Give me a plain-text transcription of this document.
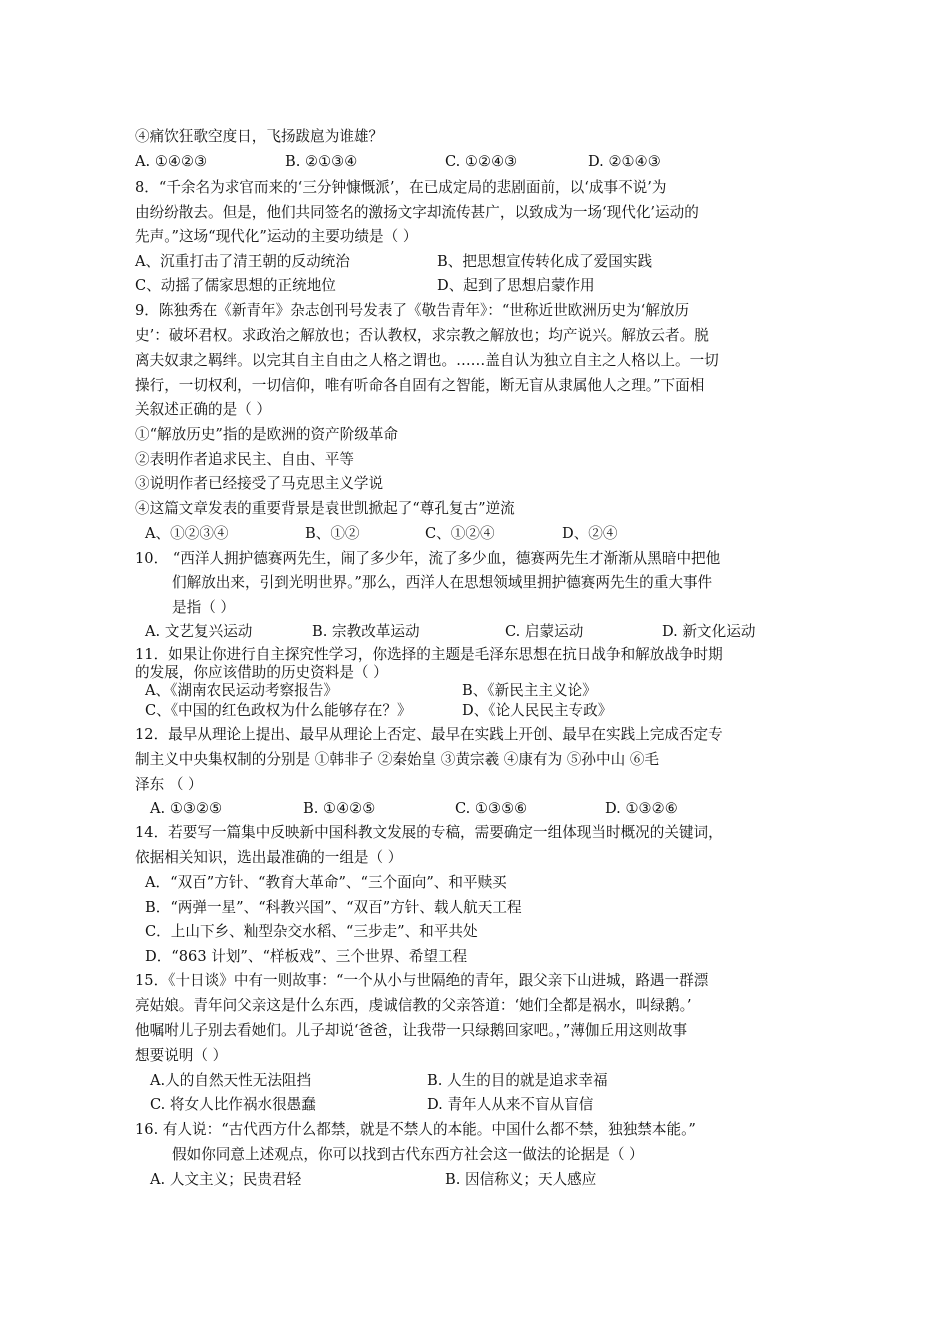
④痛饮狂歌空度日，飞扬跋扈为谁雄？
8．“千余名为求官而来的‘三分钟慷慨派’，在已成定局的悲剧面前，以‘成事不说’为
由纷纷散去。但是，他们共同签名的激扬文字却流传甚广，以致成为一场‘现代化’运动的
先声。”这场“现代化”运动的主要功绩是（ ）
9．陈独秀在《新青年》杂志创刊号发表了《敬告青年》：“世称近世欧洲历史为‘解放历
史’：破坏君权。求政治之解放也；否认教权，求宗教之解放也；均产说兴。解放云者。脱
离夫奴隶之羁绊。以完其自主自由之人格之谓也。……盖自认为独立自主之人格以上。一切
操行，一切权利，一切信仰，唯有听命各自固有之智能，断无盲从隶属他人之理。”下面相
关叙述正确的是（ ）
①“解放历史”指的是欧洲的资产阶级革命
②表明作者追求民主、自由、平等
③说明作者已经接受了马克思主义学说
④这篇文章发表的重要背景是袁世凯掀起了“尊孔复古”逆流
10． “西洋人拥护德赛两先生，闹了多少年，流了多少血，德赛两先生才渐渐从黑暗中把他
们解放出来，引到光明世界。”那么，西洋人在思想领域里拥护德赛两先生的重大事件
是指（ ）
11．如果让你进行自主探究性学习，你选择的主题是毛泽东思想在抗日战争和解放战争时期
的发展，你应该借助的历史资料是（ ）
12．最早从理论上提出、最早从理论上否定、最早在实践上开创、最早在实践上完成否定专
制主义中央集权制的分别是 ①韩非子 ②秦始皇 ③黄宗羲 ④康有为 ⑤孙中山 ⑥毛
泽东 （ ）
14．若要写一篇集中反映新中国科教文发展的专稿，需要确定一组体现当时概况的关键词，
依据相关知识，选出最准确的一组是（ ）
A．“双百”方针、“教育大革命”、“三个面向”、和平赎买
B．“两弹一星”、“科教兴国”、“双百”方针、载人航天工程
C．上山下乡、籼型杂交水稻、“三步走”、和平共处
D．“863 计划”、“样板戏”、三个世界、希望工程
15．《十日谈》中有一则故事：“一个从小与世隔绝的青年，跟父亲下山进城，路遇一群漂
亮姑娘。青年问父亲这是什么东西，虔诚信教的父亲答道：‘她们全都是祸水，叫绿鹅。’
他嘱咐儿子别去看她们。儿子却说‘爸爸，让我带一只绿鹅回家吧。，”薄伽丘用这则故事
想要说明（ ）
16. 有人说：“古代西方什么都禁，就是不禁人的本能。中国什么都不禁，独独禁本能。”
假如你同意上述观点，你可以找到古代东西方社会这一做法的论据是（ ）
A. ①④②③	B. ②①③④	C. ①②④③	D. ②①④③
A、沉重打击了清王朝的反动统治	B、把思想宣传转化成了爱国实践
C、动摇了儒家思想的正统地位	D、起到了思想启蒙作用
A、①②③④	B、①②	C、①②④	D、②④
A. 文艺复兴运动	B. 宗教改革运动	C. 启蒙运动	D. 新文化运动
A、《湖南农民运动考察报告》	B、《新民主主义论》
C、《中国的红色政权为什么能够存在？》	D、《论人民民主专政》
A. ①③②⑤	B. ①④②⑤	C. ①③⑤⑥	D. ①③②⑥
A.人的自然天性无法阻挡	B. 人生的目的就是追求幸福
C. 将女人比作祸水很愚蠢	D. 青年人从来不盲从盲信
A. 人文主义；民贵君轻	B. 因信称义；天人感应
